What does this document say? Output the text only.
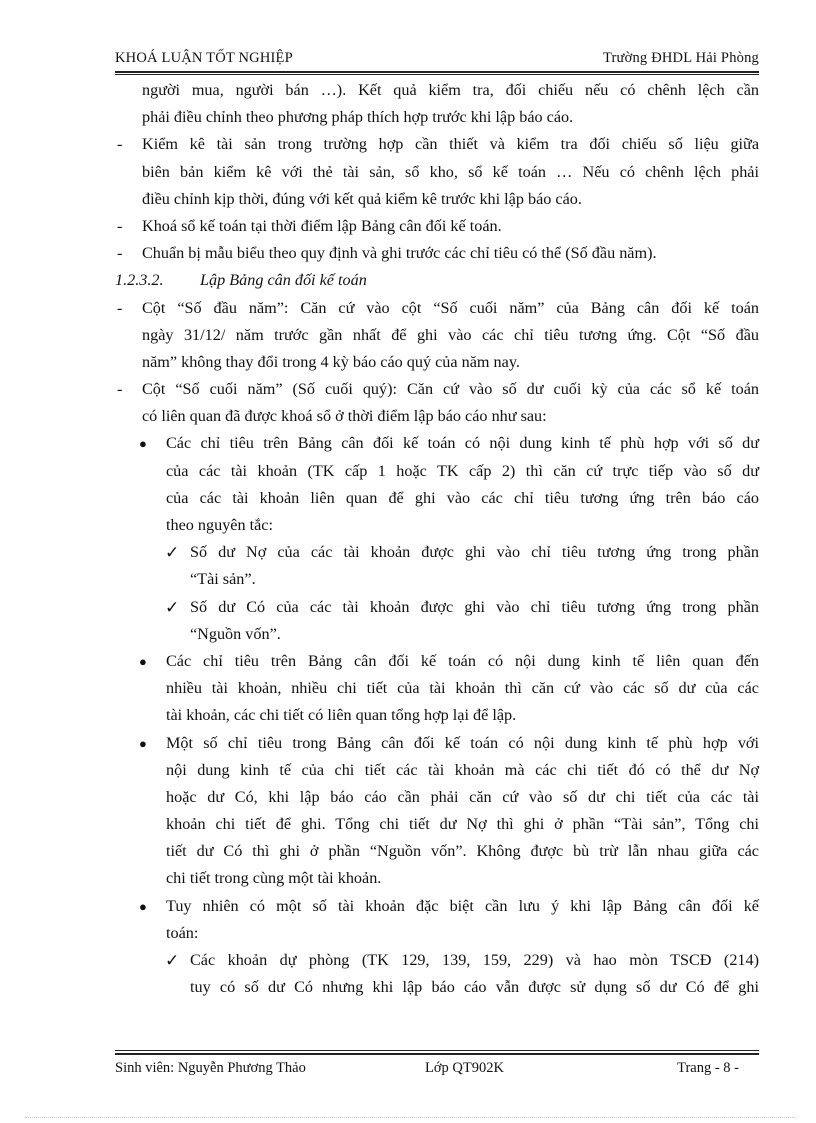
KHOÁ LUẬN TỐT NGHIỆP	Trường ĐHDL Hải Phòng
người mua, người bán …). Kết quả kiểm tra, đối chiếu nếu có chênh lệch cần
phải điều chỉnh theo phương pháp thích hợp trước khi lập báo cáo.
- Kiểm kê tài sản trong trường hợp cần thiết và kiểm tra đối chiếu số liệu giữa
biên bản kiểm kê với thẻ tài sản, sổ kho, sổ kế toán … Nếu có chênh lệch phải
điều chỉnh kịp thời, đúng với kết quả kiểm kê trước khi lập báo cáo.
- Khoá sổ kế toán tại thời điểm lập Bảng cân đối kế toán.
- Chuẩn bị mẫu biểu theo quy định và ghi trước các chỉ tiêu có thể (Số đầu năm).
1.2.3.2. Lập Bảng cân đối kế toán
- Cột “Số đầu năm”: Căn cứ vào cột “Số cuối năm” của Bảng cân đối kế toán
ngày 31/12/ năm trước gần nhất để ghi vào các chỉ tiêu tương ứng. Cột “Số đầu
năm” không thay đổi trong 4 kỳ báo cáo quý của năm nay.
- Cột “Số cuối năm” (Số cuối quý): Căn cứ vào số dư cuối kỳ của các sổ kế toán
có liên quan đã được khoá sổ ở thời điểm lập báo cáo như sau:
● Các chỉ tiêu trên Bảng cân đối kế toán có nội dung kinh tế phù hợp với số dư
của các tài khoản (TK cấp 1 hoặc TK cấp 2) thì căn cứ trực tiếp vào số dư
của các tài khoản liên quan để ghi vào các chỉ tiêu tương ứng trên báo cáo
theo nguyên tắc:
✓ Số dư Nợ của các tài khoản được ghi vào chỉ tiêu tương ứng trong phần
“Tài sản”.
✓ Số dư Có của các tài khoản được ghi vào chỉ tiêu tương ứng trong phần
“Nguồn vốn”.
● Các chỉ tiêu trên Bảng cân đối kế toán có nội dung kinh tế liên quan đến
nhiều tài khoản, nhiều chi tiết của tài khoản thì căn cứ vào các số dư của các
tài khoản, các chi tiết có liên quan tổng hợp lại để lập.
● Một số chỉ tiêu trong Bảng cân đối kế toán có nội dung kinh tế phù hợp với
nội dung kinh tế của chi tiết các tài khoản mà các chi tiết đó có thể dư Nợ
hoặc dư Có, khi lập báo cáo cần phải căn cứ vào số dư chi tiết của các tài
khoản chi tiết để ghi. Tổng chi tiết dư Nợ thì ghi ở phần “Tài sản”, Tổng chi
tiết dư Có thì ghi ở phần “Nguồn vốn”. Không được bù trừ lẫn nhau giữa các
chi tiết trong cùng một tài khoản.
● Tuy nhiên có một số tài khoản đặc biệt cần lưu ý khi lập Bảng cân đối kế
toán:
✓ Các khoản dự phòng (TK 129, 139, 159, 229) và hao mòn TSCĐ (214)
tuy có số dư Có nhưng khi lập báo cáo vẫn được sử dụng số dư Có để ghi
Sinh viên: Nguyễn Phương Thảo	Lớp QT902K	Trang - 8 -
